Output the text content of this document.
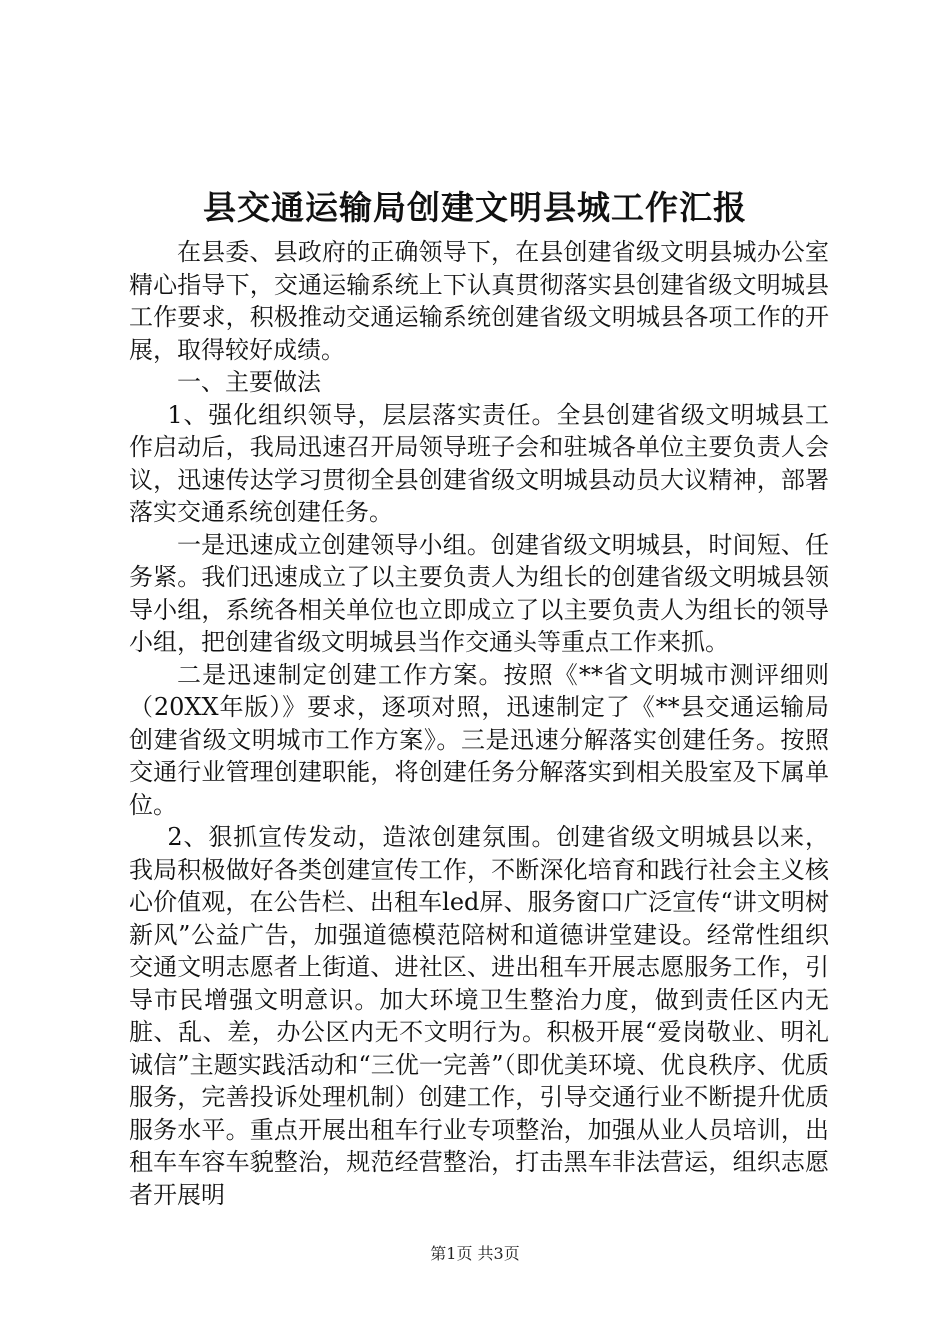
县交通运输局创建文明县城工作汇报

在县委、县政府的正确领导下，在县创建省级文明县城办公室精心指导下，交通运输系统上下认真贯彻落实县创建省级文明城县工作要求，积极推动交通运输系统创建省级文明城县各项工作的开展，取得较好成绩。

一、主要做法

1、强化组织领导，层层落实责任。全县创建省级文明城县工作启动后，我局迅速召开局领导班子会和驻城各单位主要负责人会议，迅速传达学习贯彻全县创建省级文明城县动员大议精神，部署落实交通系统创建任务。

一是迅速成立创建领导小组。创建省级文明城县，时间短、任务紧。我们迅速成立了以主要负责人为组长的创建省级文明城县领导小组，系统各相关单位也立即成立了以主要负责人为组长的领导小组，把创建省级文明城县当作交通头等重点工作来抓。

二是迅速制定创建工作方案。按照《**省文明城市测评细则（20XX年版）》要求，逐项对照，迅速制定了《**县交通运输局创建省级文明城市工作方案》。三是迅速分解落实创建任务。按照交通行业管理创建职能，将创建任务分解落实到相关股室及下属单位。

2、狠抓宣传发动，造浓创建氛围。创建省级文明城县以来，我局积极做好各类创建宣传工作，不断深化培育和践行社会主义核心价值观，在公告栏、出租车led屏、服务窗口广泛宣传“讲文明树新风”公益广告，加强道德模范陪树和道德讲堂建设。经常性组织交通文明志愿者上街道、进社区、进出租车开展志愿服务工作，引导市民增强文明意识。加大环境卫生整治力度，做到责任区内无脏、乱、差，办公区内无不文明行为。积极开展“爱岗敬业、明礼诚信”主题实践活动和“三优一完善”（即优美环境、优良秩序、优质服务，完善投诉处理机制）创建工作，引导交通行业不断提升优质服务水平。重点开展出租车行业专项整治，加强从业人员培训，出租车车容车貌整治，规范经营整治，打击黑车非法营运，组织志愿者开展明

第1页 共3页
